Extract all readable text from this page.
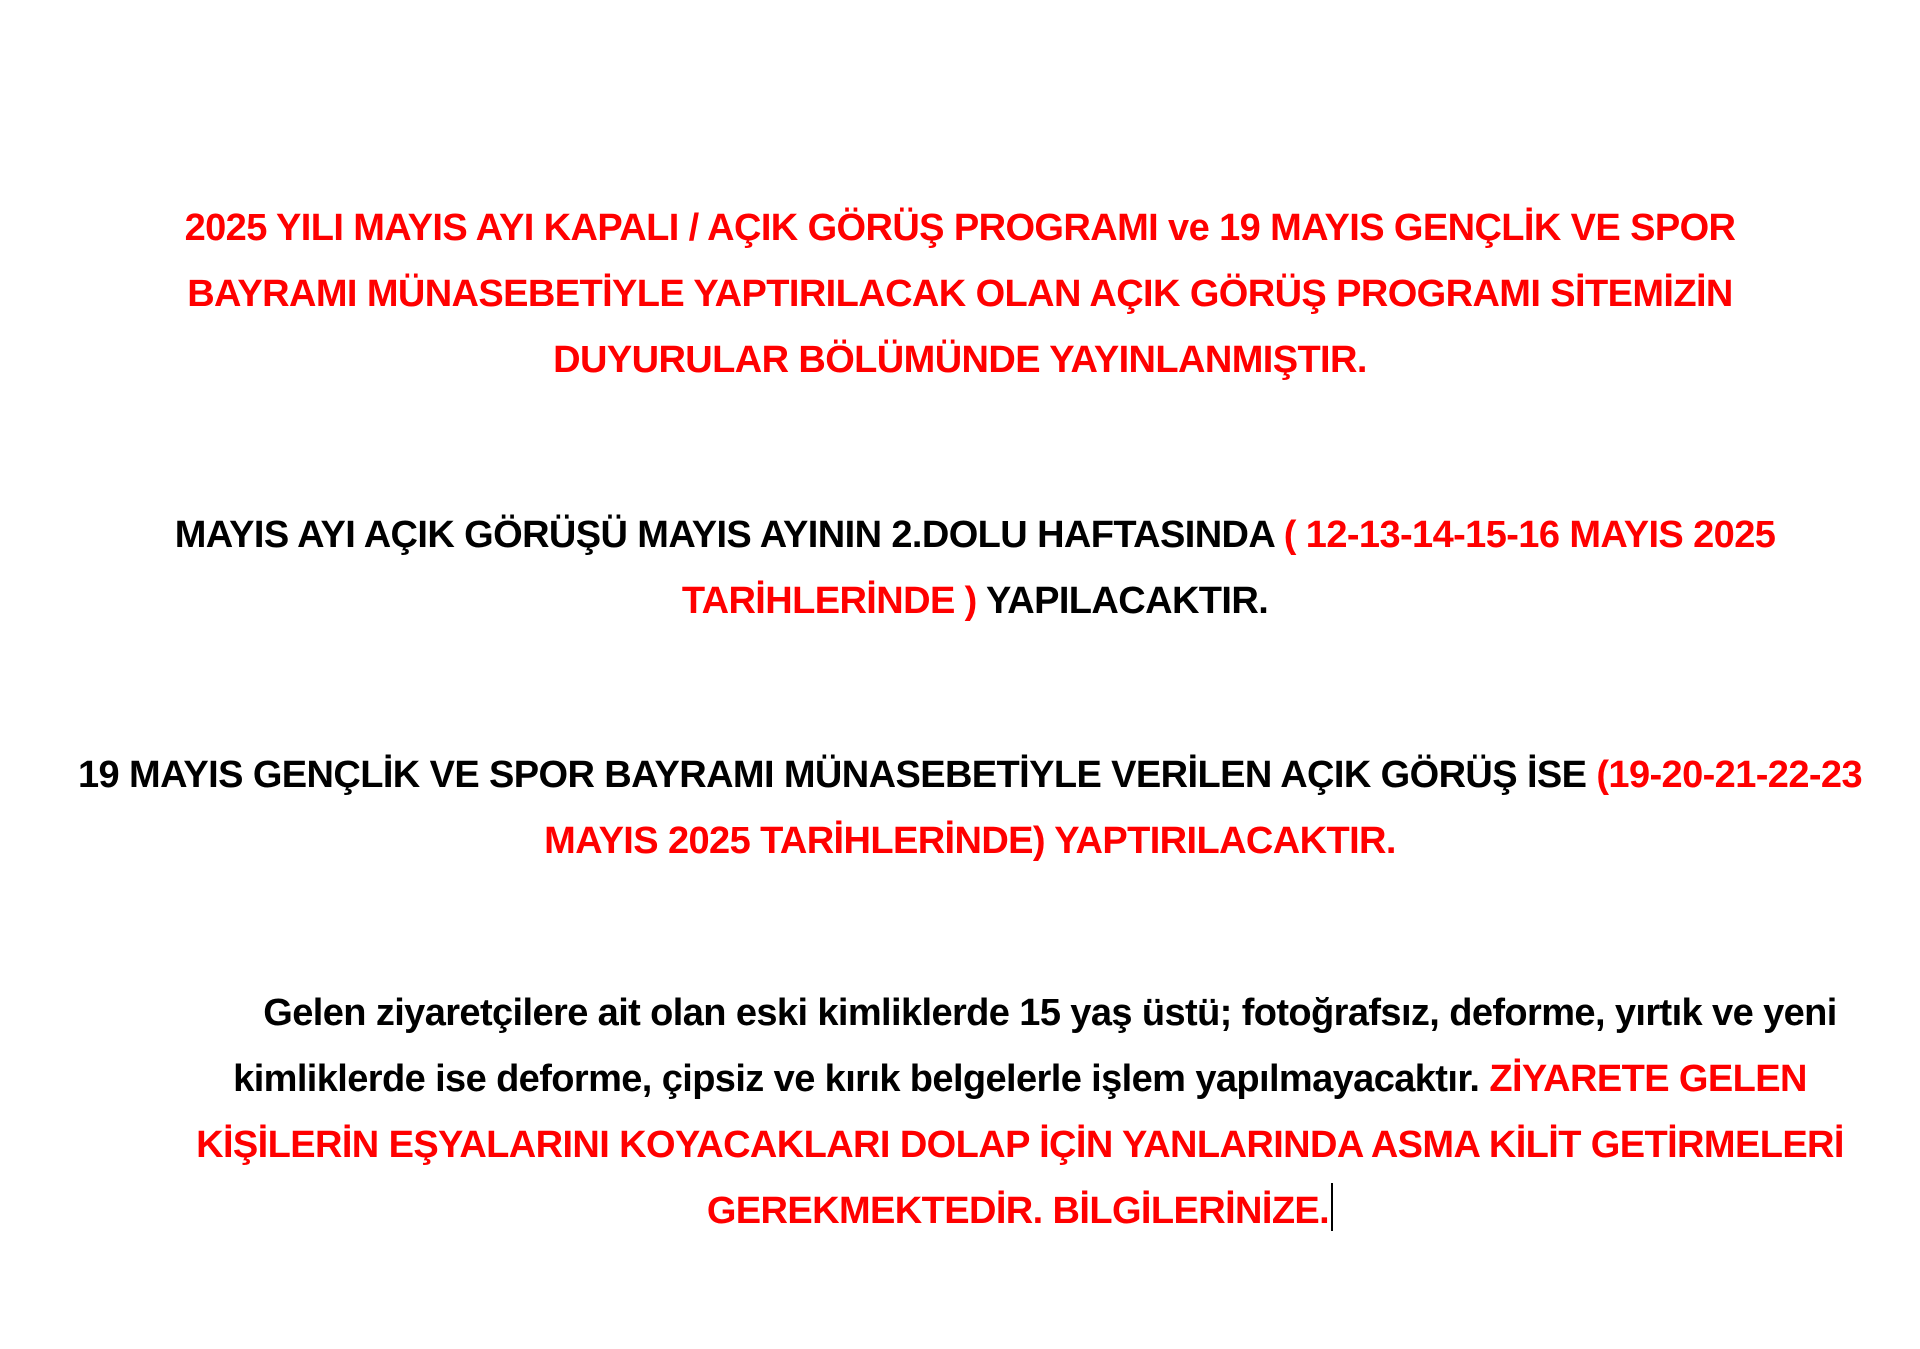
2025 YILI MAYIS AYI KAPALI / AÇIK GÖRÜŞ PROGRAMI ve 19 MAYIS GENÇLİK VE SPOR BAYRAMI MÜNASEBETİYLE YAPTIRILACAK OLAN AÇIK GÖRÜŞ PROGRAMI SİTEMİZİN DUYURULAR BÖLÜMÜNDE YAYINLANMIŞTIR.
MAYIS AYI AÇIK GÖRÜŞÜ MAYIS AYININ 2.DOLU HAFTASINDA ( 12-13-14-15-16 MAYIS 2025 TARİHLERİNDE ) YAPILACAKTIR.
19 MAYIS GENÇLİK VE SPOR BAYRAMI MÜNASEBETİYLE VERİLEN AÇIK GÖRÜŞ İSE (19-20-21-22-23 MAYIS 2025 TARİHLERİNDE) YAPTIRILACAKTIR.
Gelen ziyaretçilere ait olan eski kimliklerde 15 yaş üstü; fotoğrafsız, deforme, yırtık ve yeni kimliklerde ise deforme, çipsiz ve kırık belgelerle işlem yapılmayacaktır. ZİYARETE GELEN KİŞİLERİN EŞYALARINI KOYACAKLARI DOLAP İÇİN YANLARINDA ASMA KİLİT GETİRMELERİ GEREKMEKTEDİR. BİLGİLERİNİZE.
